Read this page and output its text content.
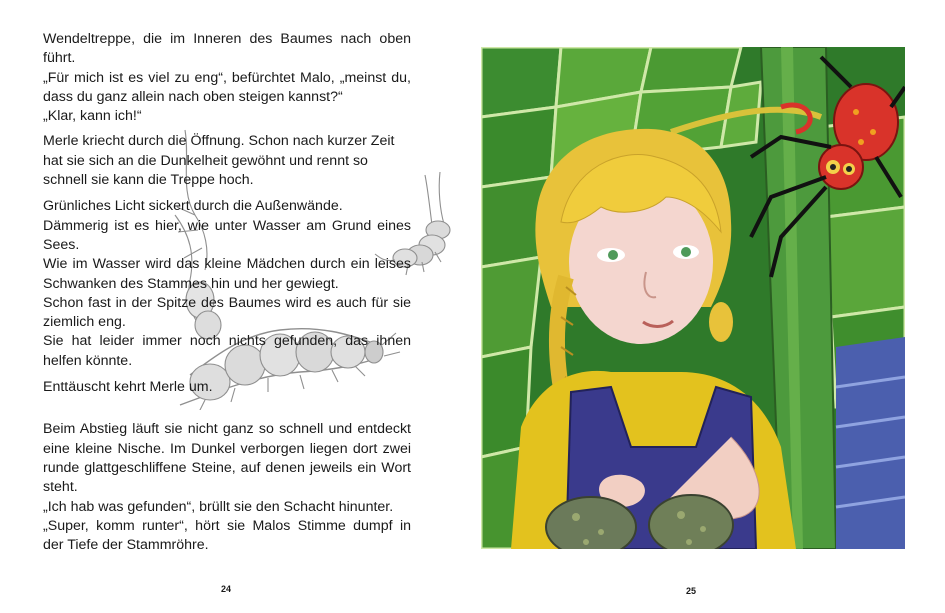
Wendeltreppe, die im Inneren des Baumes nach oben
führt.
„Für mich ist es viel zu eng“, befürchtet Malo, „meinst du,
dass du ganz allein nach oben steigen kannst?“
„Klar, kann ich!“
Merle kriecht durch die Öffnung. Schon nach kurzer Zeit
hat sie sich an die Dunkelheit gewöhnt und rennt so
schnell sie kann die Treppe hoch.
Grünliches Licht sickert durch die Außenwände.
Dämmerig ist es hier, wie unter Wasser am Grund eines
Sees.
Wie im Wasser wird das kleine Mädchen durch ein leises
Schwanken des Stammes hin und her gewiegt.
Schon fast in der Spitze des Baumes wird es auch für sie
ziemlich eng.
Sie hat leider immer noch nichts gefunden, das ihnen
helfen könnte.
Enttäuscht kehrt Merle um.
Beim Abstieg läuft sie nicht ganz so schnell und entdeckt
eine kleine Nische. Im Dunkel verborgen liegen dort zwei
runde glattgeschliffene Steine, auf denen jeweils ein Wort
steht.
„Ich hab was gefunden“, brüllt sie den Schacht hinunter.
„Super, komm runter“, hört sie Malos Stimme dumpf in
der Tiefe der Stammröhre.
24	25
